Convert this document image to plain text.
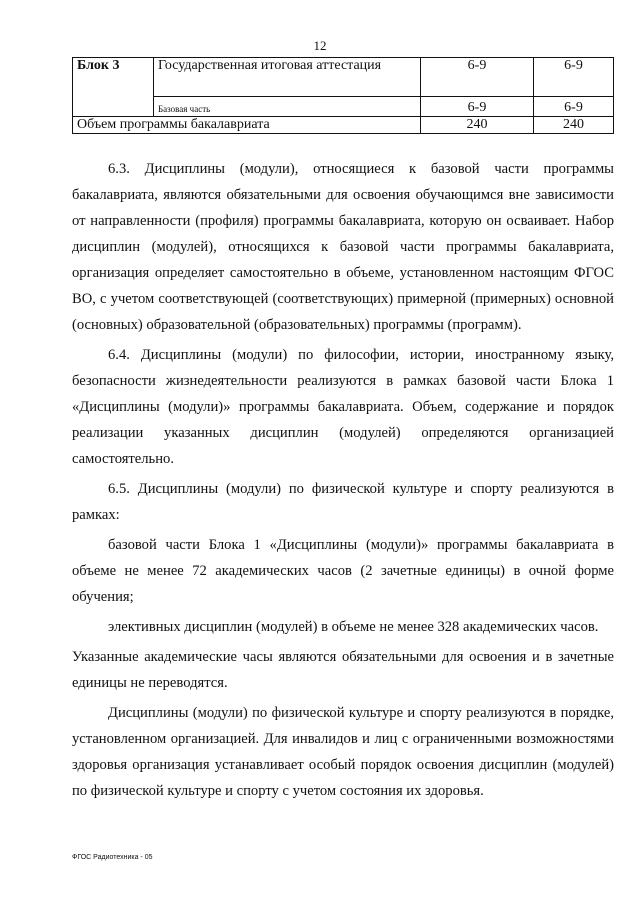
12
Блок 3	Государственная итоговая аттестация	6-9	6-9
	Базовая часть	6-9	6-9
Объем программы бакалавриата		240	240

6.3. Дисциплины (модули), относящиеся к базовой части программы бакалавриата, являются обязательными для освоения обучающимся вне зависимости от направленности (профиля) программы бакалавриата, которую он осваивает. Набор дисциплин (модулей), относящихся к базовой части программы бакалавриата, организация определяет самостоятельно в объеме, установленном настоящим ФГОС ВО, с учетом соответствующей (соответствующих) примерной (примерных) основной (основных) образовательной (образовательных) программы (программ).

6.4. Дисциплины (модули) по философии, истории, иностранному языку, безопасности жизнедеятельности реализуются в рамках базовой части Блока 1 «Дисциплины (модули)» программы бакалавриата. Объем, содержание и порядок реализации указанных дисциплин (модулей) определяются организацией самостоятельно.

6.5. Дисциплины (модули) по физической культуре и спорту реализуются в рамках:

базовой части Блока 1 «Дисциплины (модули)» программы бакалавриата в объеме не менее 72 академических часов (2 зачетные единицы) в очной форме обучения;

элективных дисциплин (модулей) в объеме не менее 328 академических часов.

Указанные академические часы являются обязательными для освоения и в зачетные единицы не переводятся.

Дисциплины (модули) по физической культуре и спорту реализуются в порядке, установленном организацией. Для инвалидов и лиц с ограниченными возможностями здоровья организация устанавливает особый порядок освоения дисциплин (модулей) по физической культуре и спорту с учетом состояния их здоровья.

ФГОС Радиотехника - 05
